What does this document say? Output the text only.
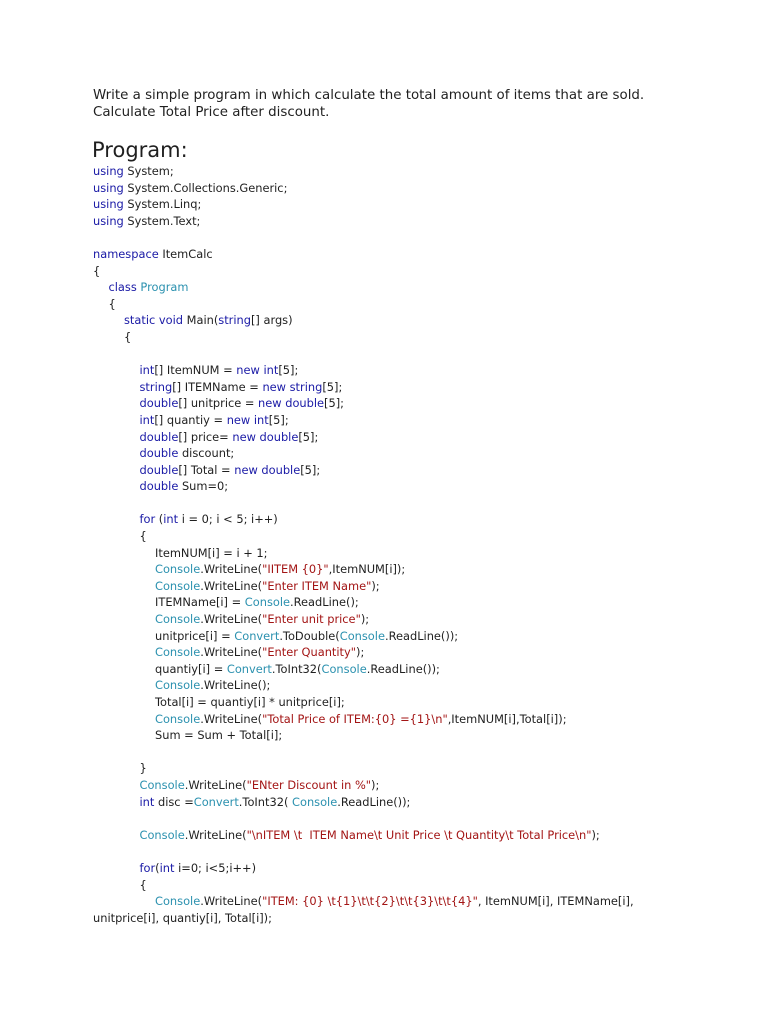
Write a simple program in which calculate the total amount of items that are sold.
Calculate Total Price after discount.
Program:
using System;
using System.Collections.Generic;
using System.Linq;
using System.Text;
namespace ItemCalc
{
class Program
{
static void Main(string[] args)
{
int[] ItemNUM = new int[5];
string[] ITEMName = new string[5];
double[] unitprice = new double[5];
int[] quantiy = new int[5];
double[] price= new double[5];
double discount;
double[] Total = new double[5];
double Sum=0;
for (int i = 0; i < 5; i++)
{
ItemNUM[i] = i + 1;
Console.WriteLine("IITEM {0}",ItemNUM[i]);
Console.WriteLine("Enter ITEM Name");
ITEMName[i] = Console.ReadLine();
Console.WriteLine("Enter unit price");
unitprice[i] = Convert.ToDouble(Console.ReadLine());
Console.WriteLine("Enter Quantity");
quantiy[i] = Convert.ToInt32(Console.ReadLine());
Console.WriteLine();
Total[i] = quantiy[i] * unitprice[i];
Console.WriteLine("Total Price of ITEM:{0} ={1}\n",ItemNUM[i],Total[i]);
Sum = Sum + Total[i];
}
Console.WriteLine("ENter Discount in %");
int disc =Convert.ToInt32( Console.ReadLine());
Console.WriteLine("\nITEM \t  ITEM Name\t Unit Price \t Quantity\t Total Price\n");
for(int i=0; i<5;i++)
{
Console.WriteLine("ITEM: {0} \t{1}\t\t{2}\t\t{3}\t\t{4}", ItemNUM[i], ITEMName[i],
unitprice[i], quantiy[i], Total[i]);
